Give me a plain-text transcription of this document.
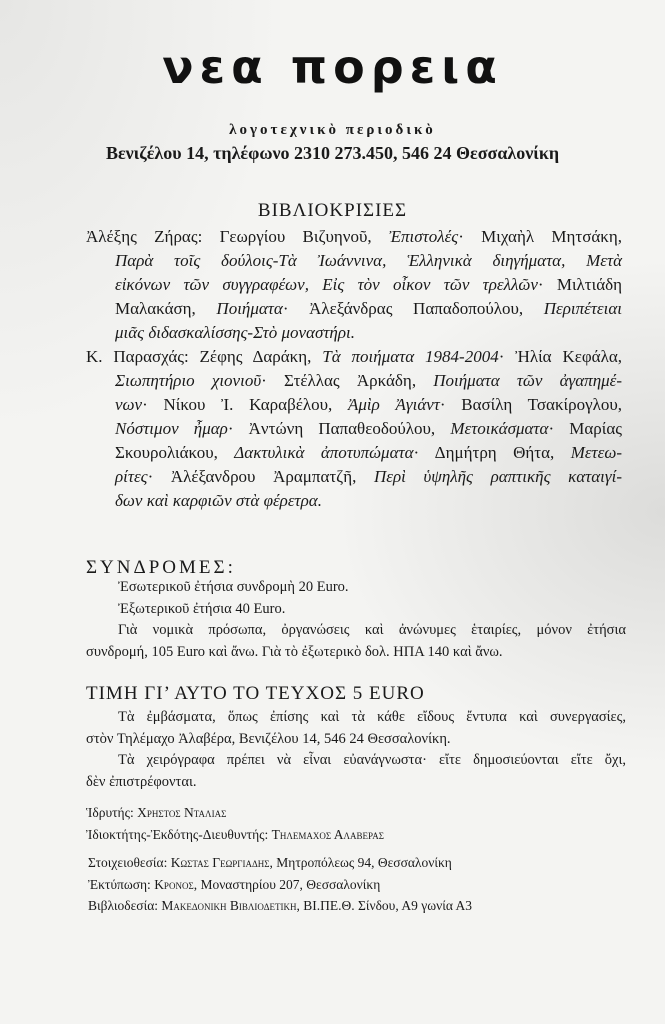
νεα πορεια
λογοτεχνικὸ περιοδικὸ
Βενιζέλου 14, τηλέφωνο 2310 273.450, 546 24 Θεσσαλονίκη
ΒΙΒΛΙΟΚΡΙΣΙΕΣ
Ἀλέξης Ζήρας: Γεωργίου Βιζυηνοῦ, Ἐπιστολές· Μιχαὴλ Μητσάκη,
Παρὰ τοῖς δούλοις-Τὰ Ἰωάννινα, Ἑλληνικὰ διηγήματα, Μετὰ
εἰκόνων τῶν συγγραφέων, Εἰς τὸν οἶκον τῶν τρελλῶν· Μιλτιάδη
Μαλακάση, Ποιήματα· Ἀλεξάνδρας Παπαδοπούλου, Περιπέτειαι
μιᾶς διδασκαλίσσης-Στὸ μοναστήρι.
Κ. Παρασχάς: Ζέφης Δαράκη, Τὰ ποιήματα 1984-2004· Ἠλία Κεφάλα,
Σιωπητήριο χιονιοῦ· Στέλλας Ἀρκάδη, Ποιήματα τῶν ἀγαπημέ-
νων· Νίκου Ἰ. Καραβέλου, Ἀμὶρ Ἀγιάντ· Βασίλη Τσακίρογλου,
Νόστιμον ἦμαρ· Ἀντώνη Παπαθεοδούλου, Μετοικάσματα· Μαρίας
Σκουρολιάκου, Δακτυλικὰ ἀποτυπώματα· Δημήτρη Θήτα, Μετεω-
ρίτες· Ἀλέξανδρου Ἀραμπατζῆ, Περὶ ὑψηλῆς ραπτικῆς καταιγί-
δων καὶ καρφιῶν στὰ φέρετρα.
ΣΥΝΔΡΟΜΕΣ:
Ἐσωτερικοῦ ἐτήσια συνδρομὴ 20 Euro.
Ἐξωτερικοῦ ἐτήσια 40 Euro.
Γιὰ νομικὰ πρόσωπα, ὀργανώσεις καὶ ἀνώνυμες ἑταιρίες, μόνον ἐτήσια
συνδρομή, 105 Euro καὶ ἄνω. Γιὰ τὸ ἐξωτερικὸ δολ. ΗΠΑ 140 καὶ ἄνω.
ΤΙΜΗ ΓΙ’ ΑΥΤΟ ΤΟ ΤΕΥΧΟΣ 5 EURO
Τὰ ἐμβάσματα, ὅπως ἐπίσης καὶ τὰ κάθε εἴδους ἔντυπα καὶ συνεργασίες,
στὸν Τηλέμαχο Ἀλαβέρα, Βενιζέλου 14, 546 24 Θεσσαλονίκη.
Τὰ χειρόγραφα πρέπει νὰ εἶναι εὐανάγνωστα· εἴτε δημοσιεύονται εἴτε ὄχι,
δὲν ἐπιστρέφονται.
Ἱδρυτής: Χρηστος Νταλιας
Ἰδιοκτήτης-Ἐκδότης-Διευθυντής: Τηλεμαχος Αλαβερας
Στοιχειοθεσία: Κωστας Γεωργιαδης, Μητροπόλεως 94, Θεσσαλονίκη
Ἐκτύπωση: Κρονος, Μοναστηρίου 207, Θεσσαλονίκη
Βιβλιοδεσία: Μακεδονικη Βιβλιοδετικη, ΒΙ.ΠΕ.Θ. Σίνδου, Α9 γωνία Α3
